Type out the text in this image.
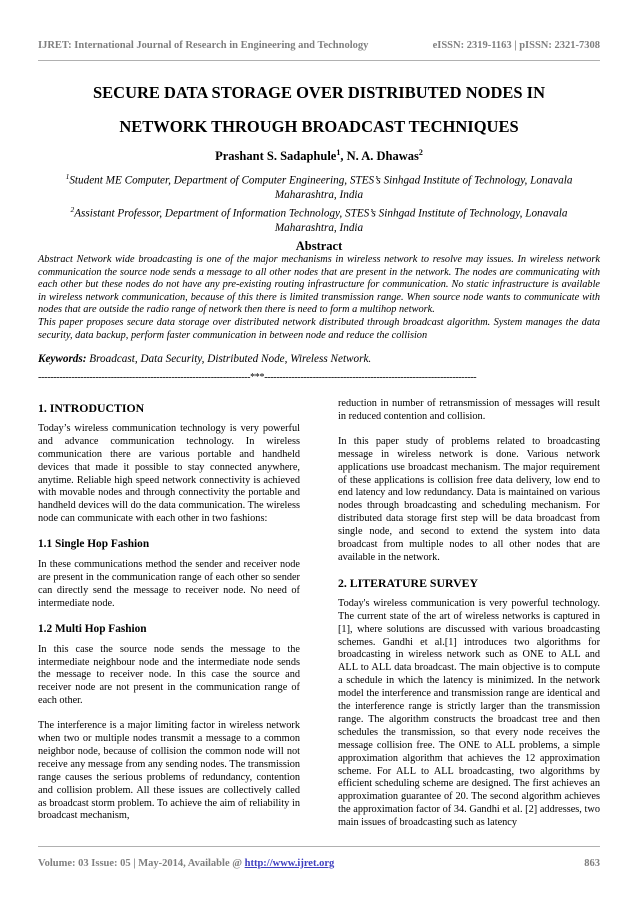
IJRET: International Journal of Research in Engineering and Technology	eISSN: 2319-1163 | pISSN: 2321-7308
SECURE DATA STORAGE OVER DISTRIBUTED NODES IN
NETWORK THROUGH BROADCAST TECHNIQUES
Prashant S. Sadaphule$^1$, N. A. Dhawas$^2$
$^1$Student ME Computer, Department of Computer Engineering, STES’s Sinhgad Institute of Technology, Lonavala Maharashtra, India
$^2$Assistant Professor, Department of Information Technology, STES’s Sinhgad Institute of Technology, Lonavala Maharashtra, India
Abstract
Abstract Network wide broadcasting is one of the major mechanisms in wireless network to resolve may issues. In wireless network communication the source node sends a message to all other nodes that are present in the network. The nodes are communicating with each other but these nodes do not have any pre-existing routing infrastructure for communication. No static infrastructure is available in wireless network communication, because of this there is limited transmission range. When source node wants to communicate with nodes that are outside the radio range of network then there is need to form a multihop network.
This paper proposes secure data storage over distributed network distributed through broadcast algorithm. System manages the data security, data backup, perform faster communication in between node and reduce the collision
Keywords: Broadcast, Data Security, Distributed Node, Wireless Network.
----------------------------------------------------------------------***----------------------------------------------------------------------
1. INTRODUCTION

Today’s wireless communication technology is very powerful and advance communication technology. In wireless communication there are various portable and handheld devices that made it possible to stay connected anywhere, anytime. Reliable high speed network connectivity is achieved with movable nodes and through connectivity the portable and handheld devices will do the data communication. The wireless node can communicate with each other in two fashions:

1.1 Single Hop Fashion

In these communications method the sender and receiver node are present in the communication range of each other so sender can directly send the message to receiver node. No need of intermediate node.

1.2 Multi Hop Fashion

In this case the source node sends the message to the intermediate neighbour node and the intermediate node sends the message to receiver node. In this case the source and receiver node are not present in the communication range of each other.

The interference is a major limiting factor in wireless network when two or multiple nodes transmit a message to a common neighbor node, because of collision the common node will not receive any message from any sending nodes. The transmission range causes the serious problems of redundancy, contention and collision problem. All these issues are collectively called as broadcast storm problem. To achieve the aim of reliability in broadcast mechanism,

reduction in number of retransmission of messages will result in reduced contention and collision.

In this paper study of problems related to broadcasting message in wireless network is done. Various network applications use broadcast mechanism. The major requirement of these applications is collision free data delivery, low end to end latency and low redundancy. Data is maintained on various nodes through broadcasting and scheduling mechanism. For distributed data storage first step will be data broadcast from single node, and second to extend the system into data broadcast from multiple nodes to all other nodes that are available in the network.

2. LITERATURE SURVEY

Today's wireless communication is very powerful technology. The current state of the art of wireless networks is captured in [1], where solutions are discussed with various broadcasting schemes. Gandhi et al.[1] introduces two algorithms for broadcasting in wireless network such as ONE to ALL and ALL to ALL data broadcast. The main objective is to compute a schedule in which the latency is minimized. In the network model the interference and transmission range are identical and the interference range is strictly larger than the transmission range. The algorithm constructs the broadcast tree and then schedules the transmission, so that every node receives the message collision free. The ONE to ALL problems, a simple approximation algorithm that achieves the 12 approximation scheme. For ALL to ALL broadcasting, two algorithms by efficient scheduling scheme are designed. The first achieves an approximation guarantee of 20. The second algorithm achieves the approximation factor of 34. Gandhi et al. [2] addresses, two main issues of broadcasting such as latency

Volume: 03 Issue: 05 | May-2014, Available @ http://www.ijret.org	863
